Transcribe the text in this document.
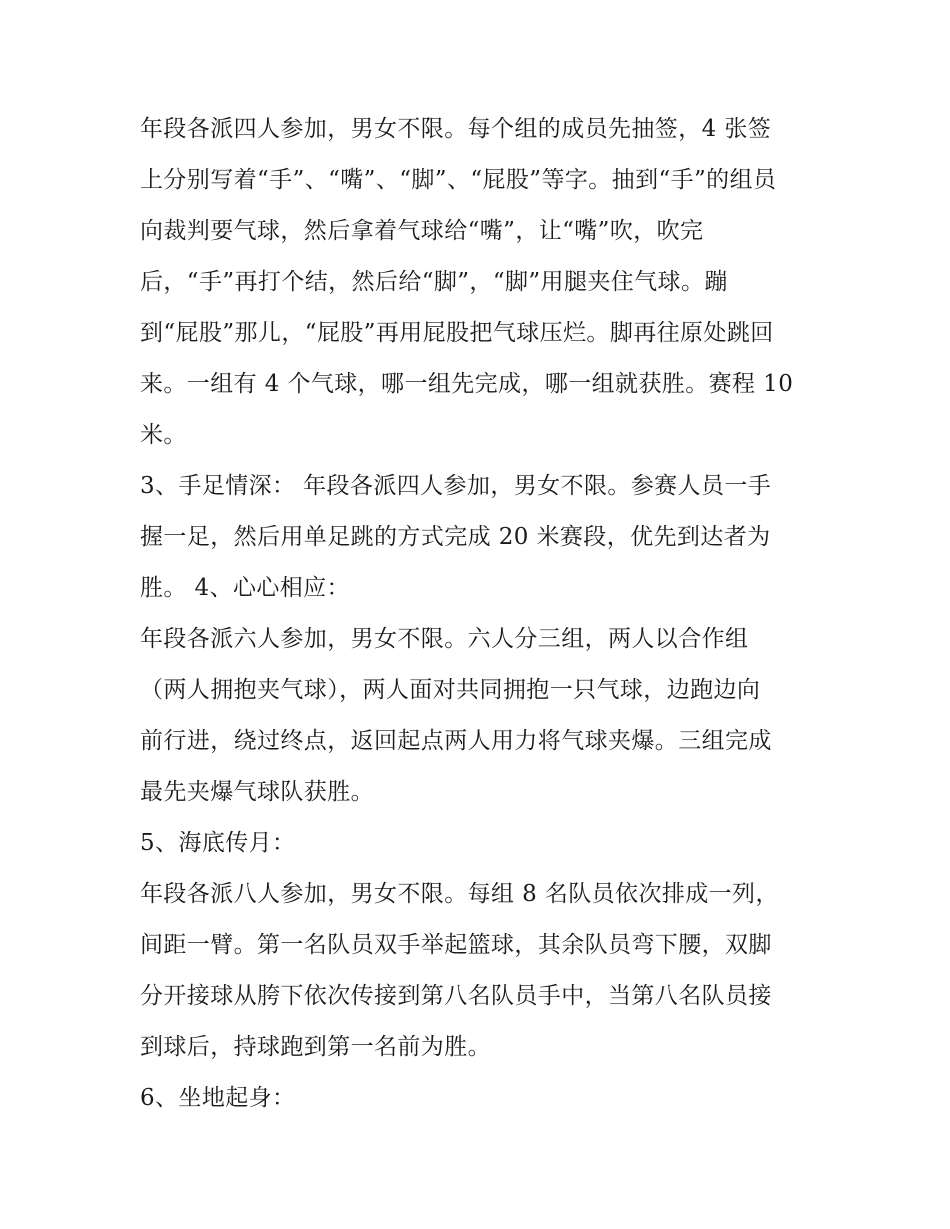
年段各派四人参加，男女不限。每个组的成员先抽签，4 张签
上分别写着“手”、“嘴”、“脚”、“屁股”等字。抽到“手”的组员
向裁判要气球，然后拿着气球给“嘴”，让“嘴”吹，吹完
后，“手”再打个结，然后给“脚”，“脚”用腿夹住气球。蹦
到“屁股”那儿，“屁股”再用屁股把气球压烂。脚再往原处跳回
来。一组有 4 个气球，哪一组先完成，哪一组就获胜。赛程 10
米。
3、手足情深： 年段各派四人参加，男女不限。参赛人员一手
握一足，然后用单足跳的方式完成 20 米赛段，优先到达者为
胜。 4、心心相应：
年段各派六人参加，男女不限。六人分三组，两人以合作组
（两人拥抱夹气球），两人面对共同拥抱一只气球，边跑边向
前行进，绕过终点，返回起点两人用力将气球夹爆。三组完成
最先夹爆气球队获胜。
5、海底传月：
年段各派八人参加，男女不限。每组 8 名队员依次排成一列，
间距一臂。第一名队员双手举起篮球，其余队员弯下腰，双脚
分开接球从胯下依次传接到第八名队员手中，当第八名队员接
到球后，持球跑到第一名前为胜。
6、坐地起身：
